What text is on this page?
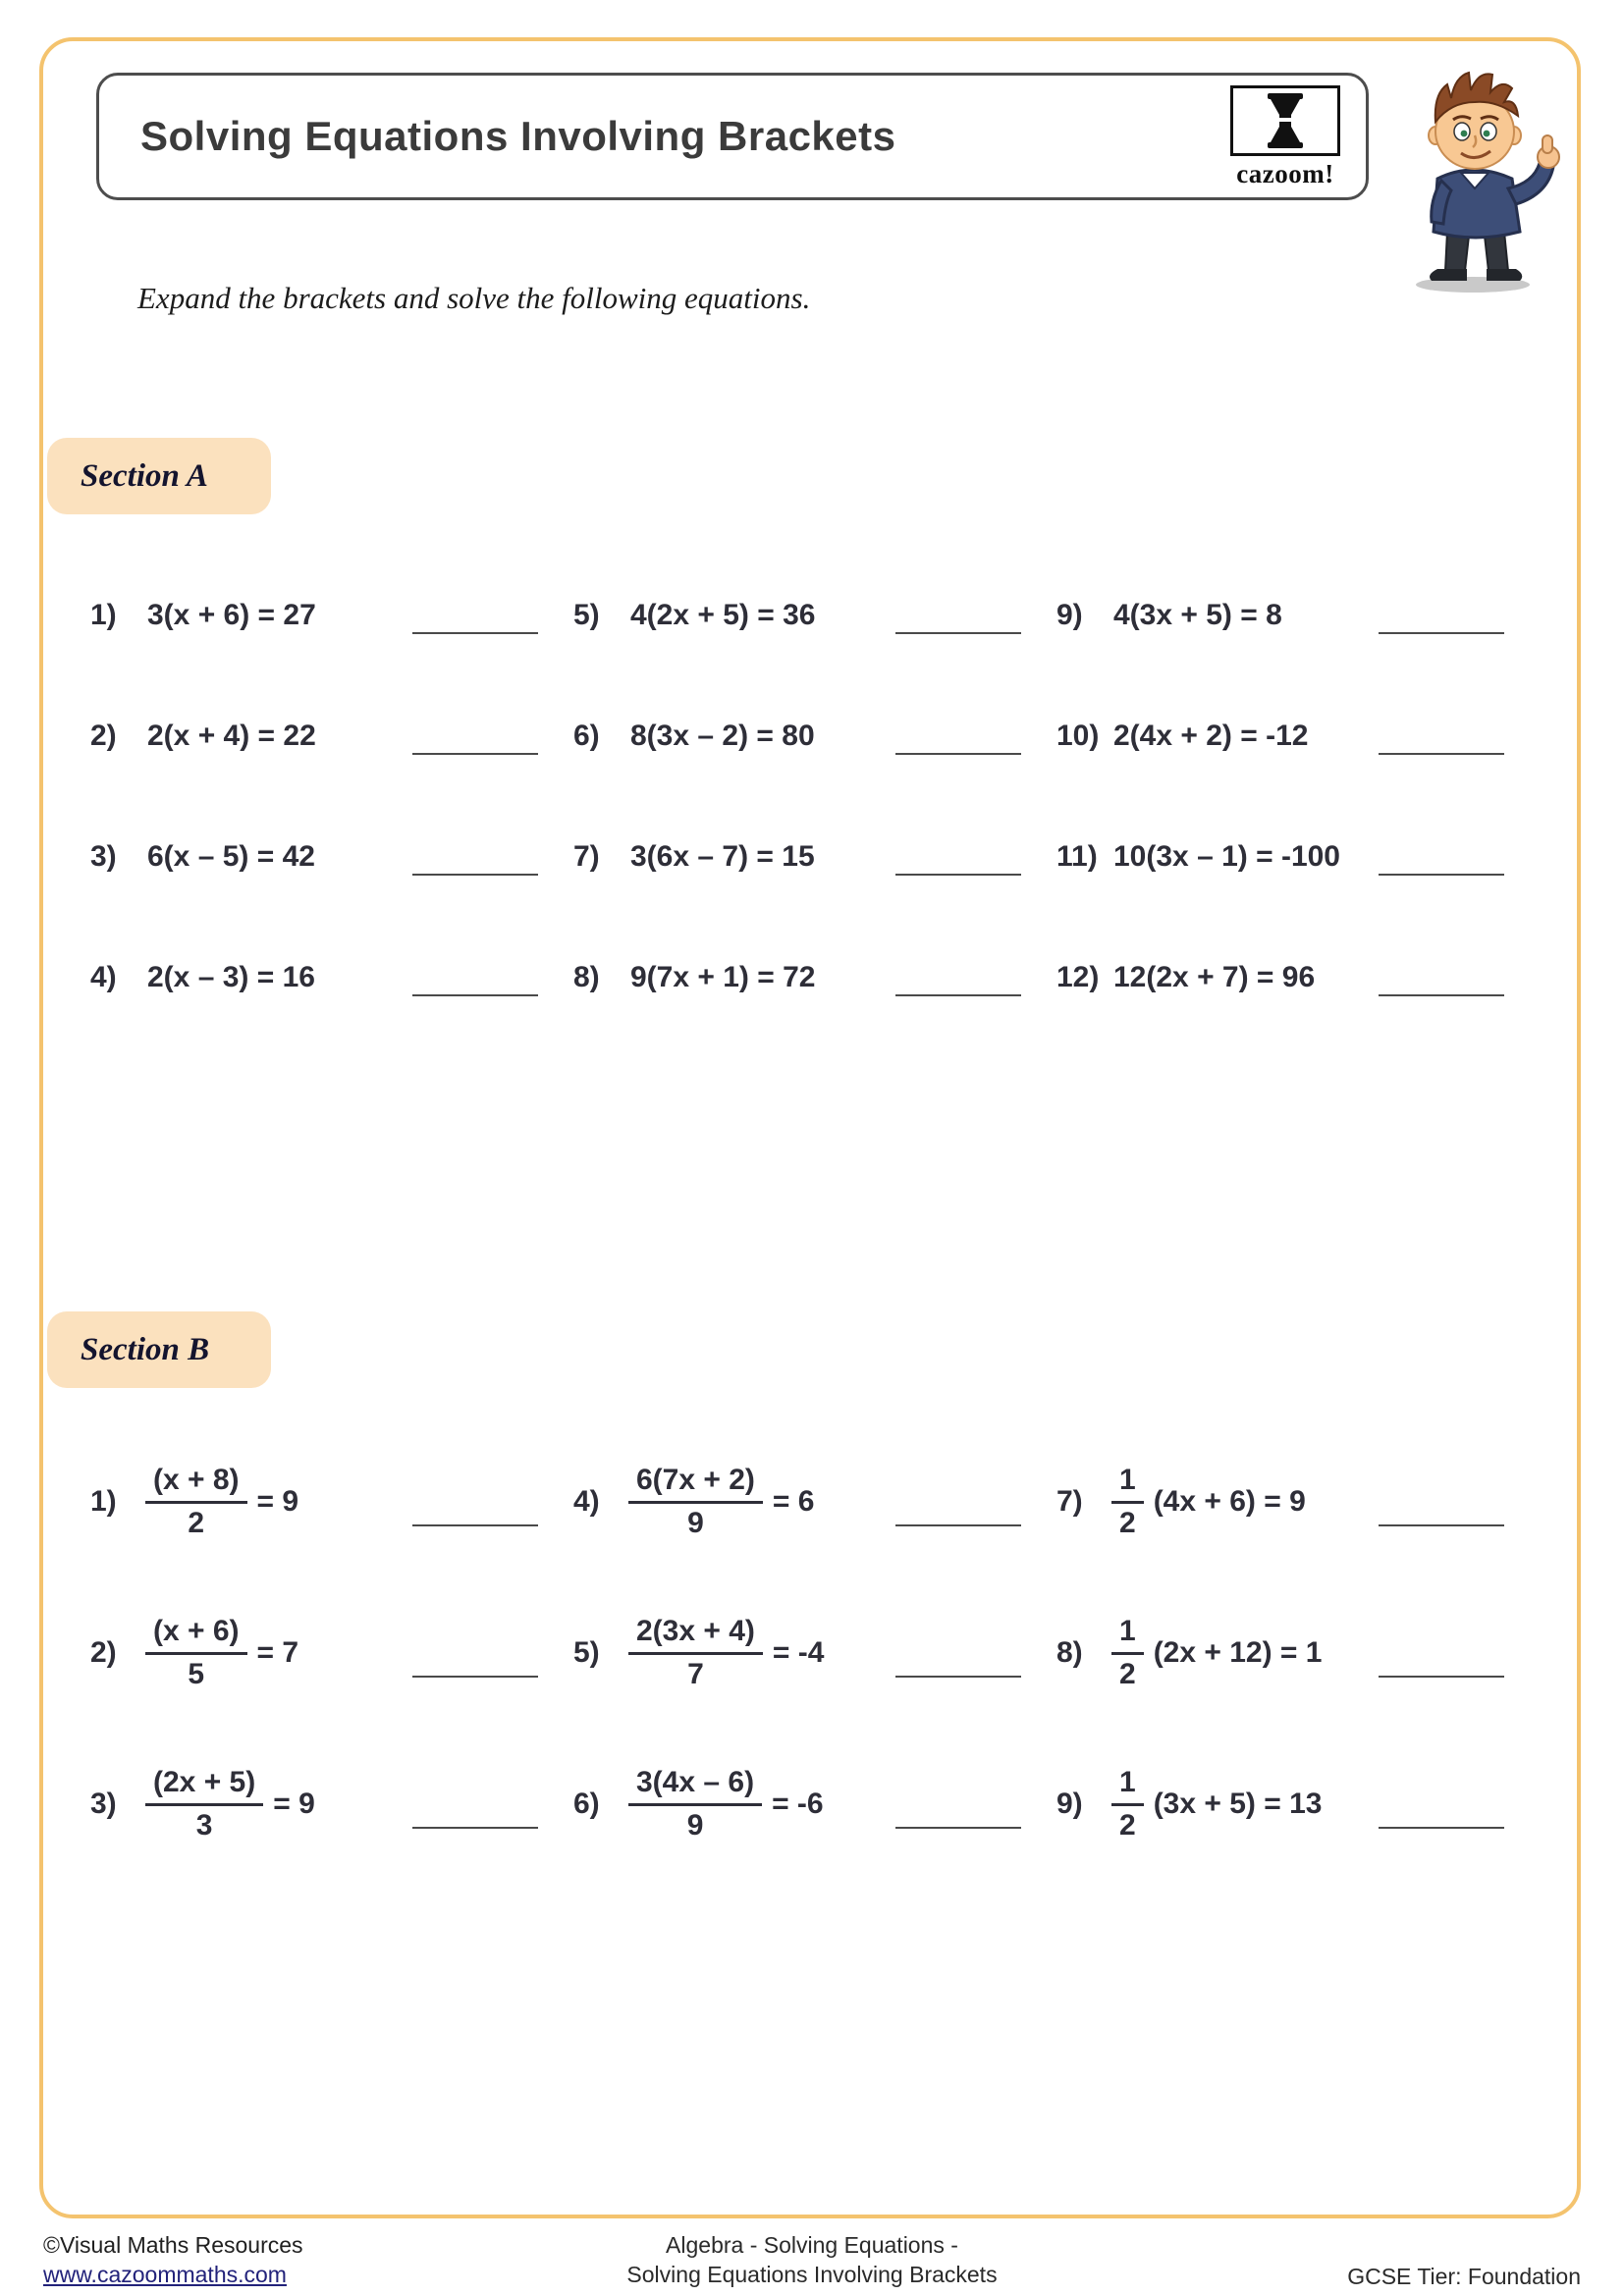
Solving Equations Involving Brackets
cazoom!

Expand the brackets and solve the following equations.

Section A
1)	3(x + 6) = 27	5)	4(2x + 5) = 36	9)	4(3x + 5) = 8
2)	2(x + 4) = 22	6)	8(3x – 2) = 80	10) 2(4x + 2) = -12
3)	6(x – 5) = 42	7)	3(6x – 7) = 15	11) 10(3x – 1) = -100
4)	2(x – 3) = 16	8)	9(7x + 1) = 72	12) 12(2x + 7) = 96
Section B
$1) \frac{(x + 8)}{2} = 9$	$4) \frac{6(7x + 2)}{9} = 6$	$7) \frac{1}{2} (4x + 6) = 9$
$2) \frac{(x + 6)}{5} = 7$	$5) \frac{2(3x + 4)}{7} = -4$	$8) \frac{1}{2} (2x + 12) = 1$
$3) \frac{(2x + 5)}{3} = 9$	$6) \frac{3(4x - 6)}{9} = -6$	$9) \frac{1}{2} (3x + 5) = 13$
©Visual Maths Resources
www.cazoommaths.com
Algebra - Solving Equations -
Solving Equations Involving Brackets	GCSE Tier: Foundation
